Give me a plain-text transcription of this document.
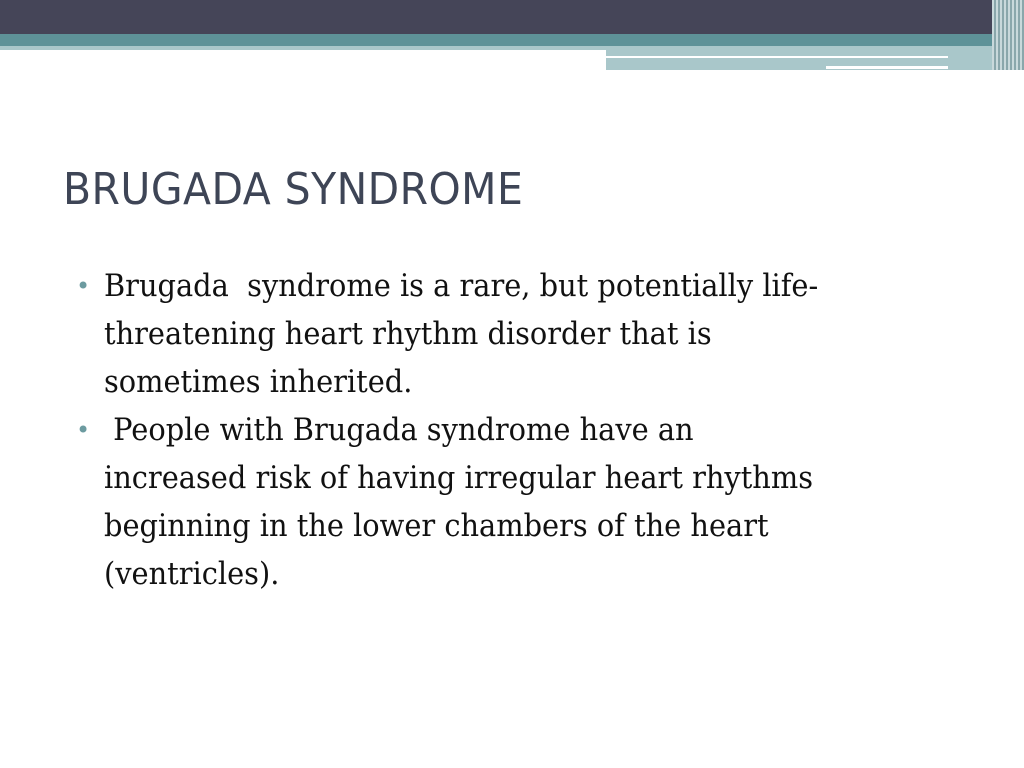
BRUGADA SYNDROME
• Brugada  syndrome is a rare, but potentially life-
threatening heart rhythm disorder that is
sometimes inherited.
• People with Brugada syndrome have an
increased risk of having irregular heart rhythms
beginning in the lower chambers of the heart
(ventricles).
